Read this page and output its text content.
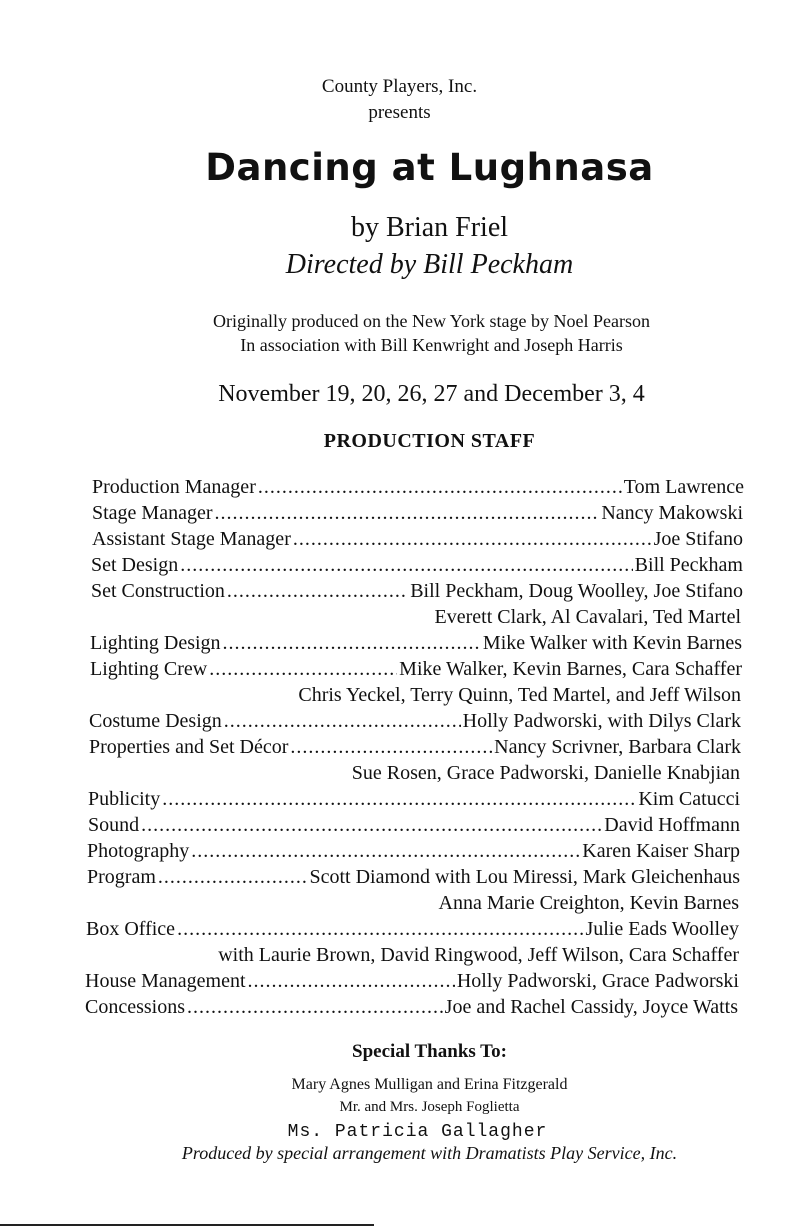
County Players, Inc.
presents
Dancing at Lughnasa
by Brian Friel
Directed by Bill Peckham
Originally produced on the New York stage by Noel Pearson
In association with Bill Kenwright and Joseph Harris
November 19, 20, 26, 27 and December 3, 4
PRODUCTION STAFF
Production Manager .....	Tom Lawrence
Stage Manager .....	Nancy Makowski
Assistant Stage Manager .....	Joe Stifano
Set Design .....	Bill Peckham
Set Construction .....	Bill Peckham, Doug Woolley, Joe Stifano
Everett Clark, Al Cavalari, Ted Martel
Lighting Design .....	Mike Walker with Kevin Barnes
Lighting Crew .....	Mike Walker, Kevin Barnes, Cara Schaffer
Chris Yeckel, Terry Quinn, Ted Martel, and Jeff Wilson
Costume Design .....	Holly Padworski, with Dilys Clark
Properties and Set Décor .....	Nancy Scrivner, Barbara Clark
Sue Rosen, Grace Padworski, Danielle Knabjian
Publicity .....	Kim Catucci
Sound .....	David Hoffmann
Photography .....	Karen Kaiser Sharp
Program .....	Scott Diamond with Lou Miressi, Mark Gleichenhaus
Anna Marie Creighton, Kevin Barnes
Box Office .....	Julie Eads Woolley
with Laurie Brown, David Ringwood, Jeff Wilson, Cara Schaffer
House Management .....	Holly Padworski, Grace Padworski
Concessions .....	Joe and Rachel Cassidy, Joyce Watts
Special Thanks To:
Mary Agnes Mulligan and Erina Fitzgerald
Mr. and Mrs. Joseph Foglietta
Ms. Patricia Gallagher
Produced by special arrangement with Dramatists Play Service, Inc.
